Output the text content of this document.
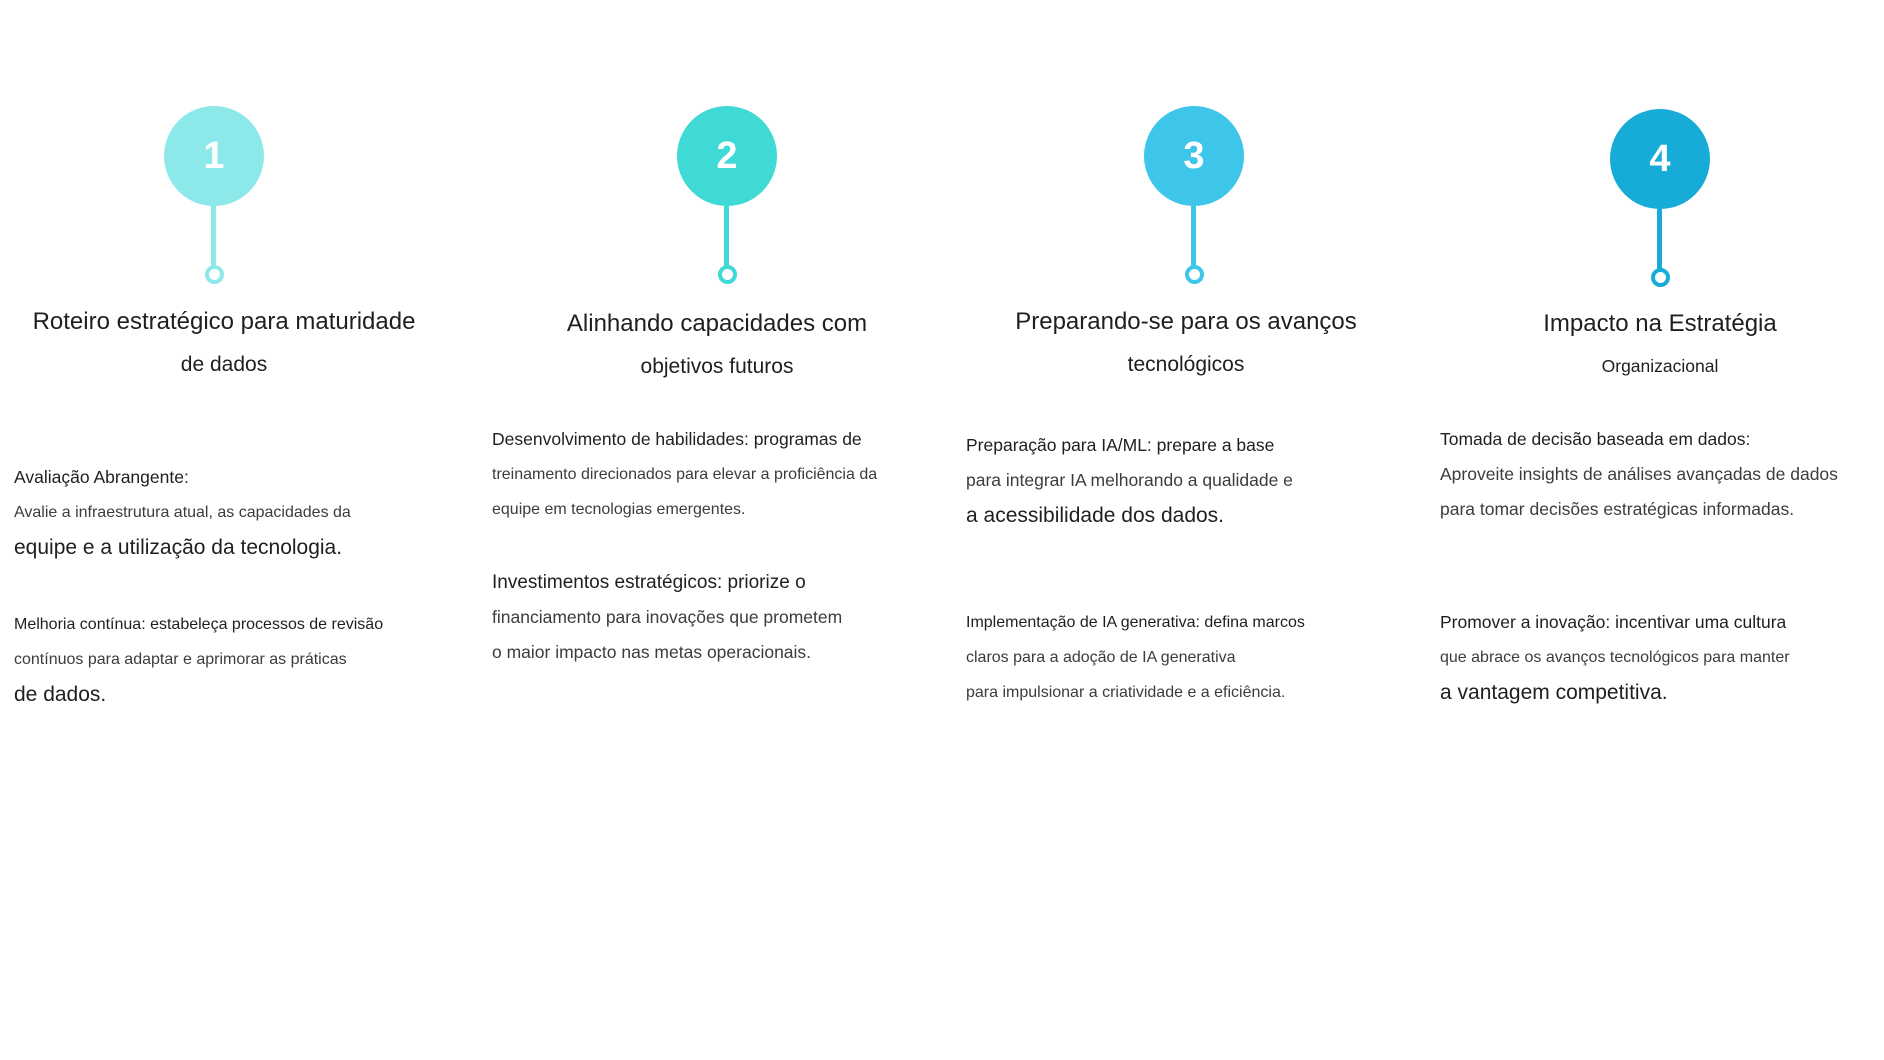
1
Roteiro estratégico para maturidade
de dados
Avaliação Abrangente:
Avalie a infraestrutura atual, as capacidades da
equipe e a utilização da tecnologia.
Melhoria contínua: estabeleça processos de revisão
contínuos para adaptar e aprimorar as práticas
de dados.
2
Alinhando capacidades com
objetivos futuros
Desenvolvimento de habilidades: programas de
treinamento direcionados para elevar a proficiência da
equipe em tecnologias emergentes.
Investimentos estratégicos: priorize o
financiamento para inovações que prometem
o maior impacto nas metas operacionais.
3
Preparando-se para os avanços
tecnológicos
Preparação para IA/ML: prepare a base
para integrar IA melhorando a qualidade e
a acessibilidade dos dados.
Implementação de IA generativa: defina marcos
claros para a adoção de IA generativa
para impulsionar a criatividade e a eficiência.
4
Impacto na Estratégia
Organizacional
Tomada de decisão baseada em dados:
Aproveite insights de análises avançadas de dados
para tomar decisões estratégicas informadas.
Promover a inovação: incentivar uma cultura
que abrace os avanços tecnológicos para manter
a vantagem competitiva.
